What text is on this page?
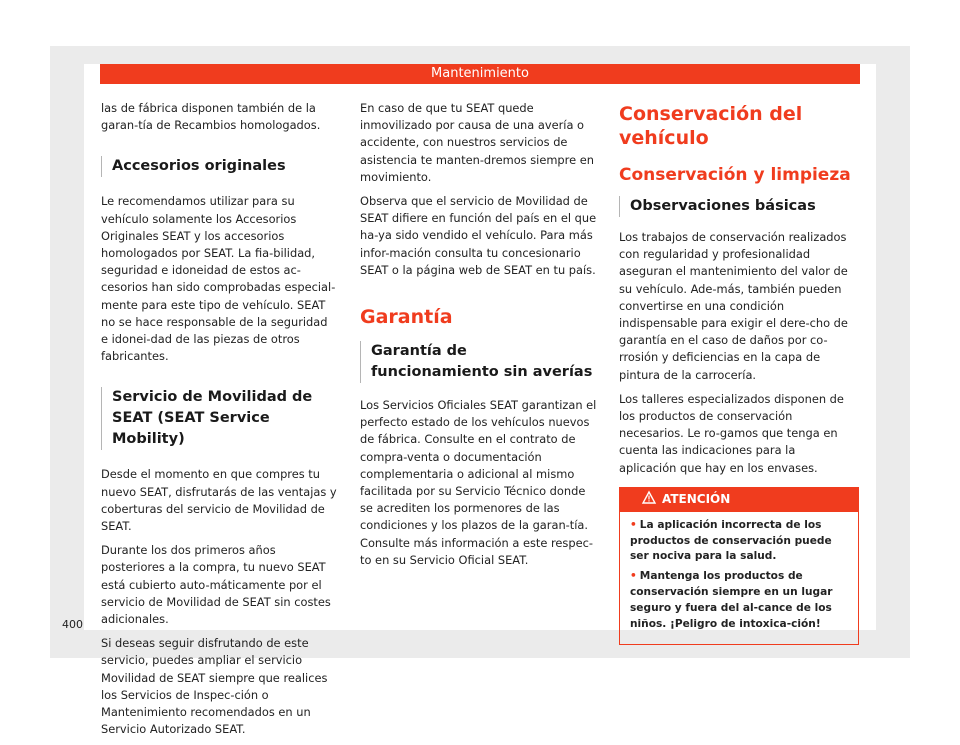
Mantenimiento

las de fábrica disponen también de la garan-tía de Recambios homologados.

Accesorios originales

Le recomendamos utilizar para su vehículo solamente los Accesorios Originales SEAT y los accesorios homologados por SEAT. La fia-bilidad, seguridad e idoneidad de estos ac-cesorios han sido comprobadas especial-mente para este tipo de vehículo. SEAT no se hace responsable de la seguridad e idonei-dad de las piezas de otros fabricantes.

Servicio de Movilidad de SEAT (SEAT Service Mobility)

Desde el momento en que compres tu nuevo SEAT, disfrutarás de las ventajas y coberturas del servicio de Movilidad de SEAT.

Durante los dos primeros años posteriores a la compra, tu nuevo SEAT está cubierto auto-máticamente por el servicio de Movilidad de SEAT sin costes adicionales.

Si deseas seguir disfrutando de este servicio, puedes ampliar el servicio Movilidad de SEAT siempre que realices los Servicios de Inspec-ción o Mantenimiento recomendados en un Servicio Autorizado SEAT.

En caso de que tu SEAT quede inmovilizado por causa de una avería o accidente, con nuestros servicios de asistencia te manten-dremos siempre en movimiento.

Observa que el servicio de Movilidad de SEAT difiere en función del país en el que ha-ya sido vendido el vehículo. Para más infor-mación consulta tu concesionario SEAT o la página web de SEAT en tu país.

Garantía
Garantía de funcionamiento sin averías

Los Servicios Oficiales SEAT garantizan el perfecto estado de los vehículos nuevos de fábrica. Consulte en el contrato de compra-venta o documentación complementaria o adicional al mismo facilitada por su Servicio Técnico donde se acrediten los pormenores de las condiciones y los plazos de la garan-tía. Consulte más información a este respec-to en su Servicio Oficial SEAT.

Conservación del vehículo
Conservación y limpieza
Observaciones básicas

Los trabajos de conservación realizados con regularidad y profesionalidad aseguran el mantenimiento del valor de su vehículo. Ade-más, también pueden convertirse en una condición indispensable para exigir el dere-cho de garantía en el caso de daños por co-rrosión y deficiencias en la capa de pintura de la carrocería.

Los talleres especializados disponen de los productos de conservación necesarios. Le ro-gamos que tenga en cuenta las indicaciones para la aplicación que hay en los envases.

ATENCIÓN
• La aplicación incorrecta de los productos de conservación puede ser nociva para la salud.
• Mantenga los productos de conservación siempre en un lugar seguro y fuera del al-cance de los niños. ¡Peligro de intoxica-ción!
400
